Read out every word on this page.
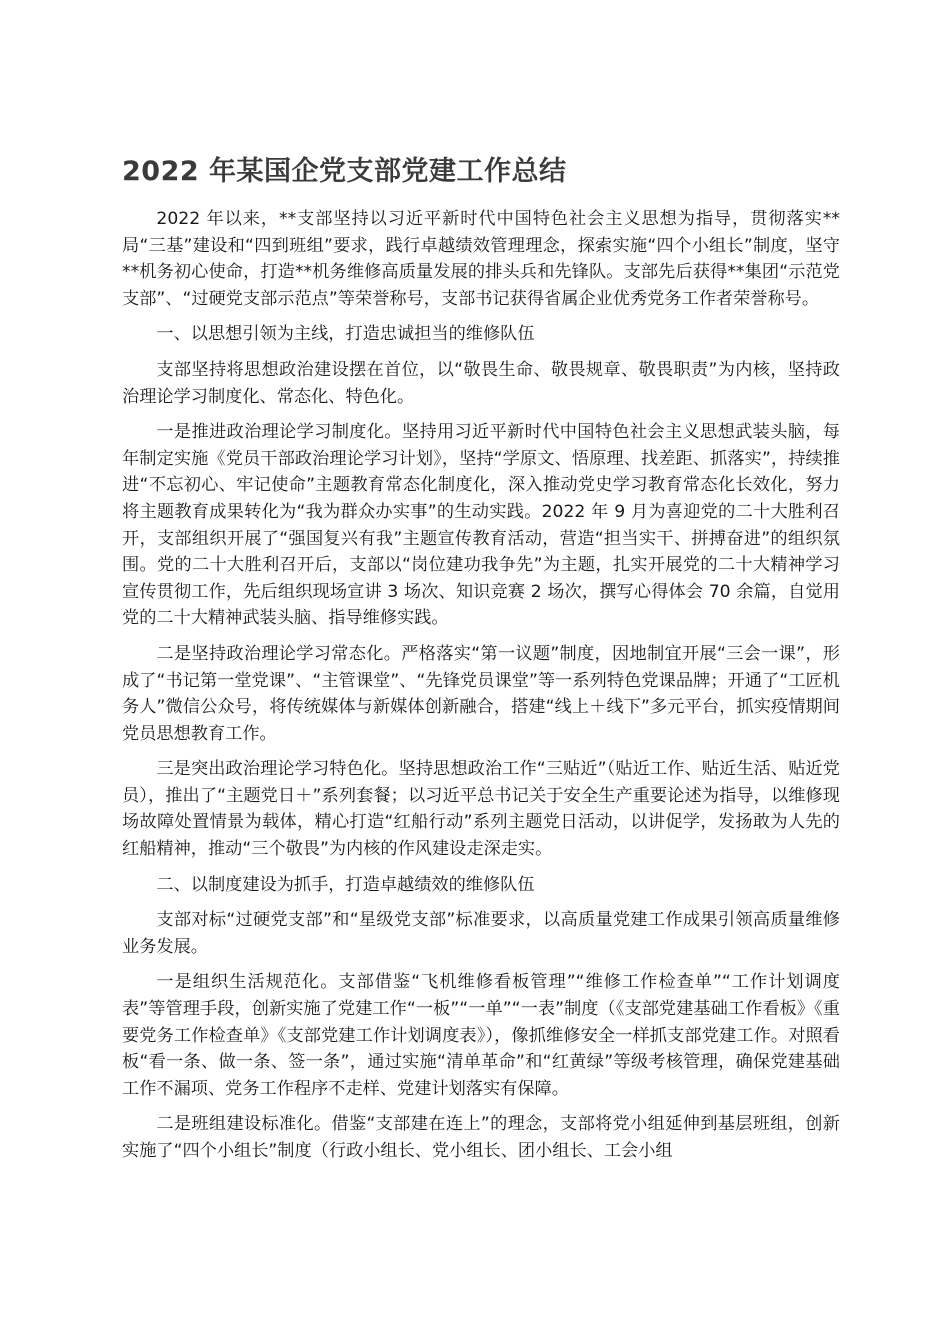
2022 年某国企党支部党建工作总结

2022 年以来，**支部坚持以习近平新时代中国特色社会主义思想为指导，贯彻落实**局“三基”建设和“四到班组”要求，践行卓越绩效管理理念，探索实施“四个小组长”制度，坚守**机务初心使命，打造**机务维修高质量发展的排头兵和先锋队。支部先后获得**集团“示范党支部”、“过硬党支部示范点”等荣誉称号，支部书记获得省属企业优秀党务工作者荣誉称号。

一、以思想引领为主线，打造忠诚担当的维修队伍

支部坚持将思想政治建设摆在首位，以“敬畏生命、敬畏规章、敬畏职责”为内核，坚持政治理论学习制度化、常态化、特色化。

一是推进政治理论学习制度化。坚持用习近平新时代中国特色社会主义思想武装头脑，每年制定实施《党员干部政治理论学习计划》，坚持“学原文、悟原理、找差距、抓落实”，持续推进“不忘初心、牢记使命”主题教育常态化制度化，深入推动党史学习教育常态化长效化，努力将主题教育成果转化为“我为群众办实事”的生动实践。2022 年 9 月为喜迎党的二十大胜利召开，支部组织开展了“强国复兴有我”主题宣传教育活动，营造“担当实干、拼搏奋进”的组织氛围。党的二十大胜利召开后，支部以“岗位建功我争先”为主题，扎实开展党的二十大精神学习宣传贯彻工作，先后组织现场宣讲 3 场次、知识竞赛 2 场次，撰写心得体会 70 余篇，自觉用党的二十大精神武装头脑、指导维修实践。

二是坚持政治理论学习常态化。严格落实“第一议题”制度，因地制宜开展“三会一课”，形成了“书记第一堂党课”、“主管课堂”、“先锋党员课堂”等一系列特色党课品牌；开通了“工匠机务人”微信公众号，将传统媒体与新媒体创新融合，搭建“线上＋线下”多元平台，抓实疫情期间党员思想教育工作。

三是突出政治理论学习特色化。坚持思想政治工作“三贴近”（贴近工作、贴近生活、贴近党员），推出了“主题党日＋”系列套餐；以习近平总书记关于安全生产重要论述为指导，以维修现场故障处置情景为载体，精心打造“红船行动”系列主题党日活动，以讲促学，发扬敢为人先的红船精神，推动“三个敬畏”为内核的作风建设走深走实。

二、以制度建设为抓手，打造卓越绩效的维修队伍

支部对标“过硬党支部”和“星级党支部”标准要求，以高质量党建工作成果引领高质量维修业务发展。

一是组织生活规范化。支部借鉴“飞机维修看板管理”“维修工作检查单”“工作计划调度表”等管理手段，创新实施了党建工作“一板”“一单”“一表”制度（《支部党建基础工作看板》《重要党务工作检查单》《支部党建工作计划调度表》），像抓维修安全一样抓支部党建工作。对照看板“看一条、做一条、签一条”，通过实施“清单革命”和“红黄绿”等级考核管理，确保党建基础工作不漏项、党务工作程序不走样、党建计划落实有保障。

二是班组建设标准化。借鉴“支部建在连上”的理念，支部将党小组延伸到基层班组，创新实施了“四个小组长”制度（行政小组长、党小组长、团小组长、工会小组
